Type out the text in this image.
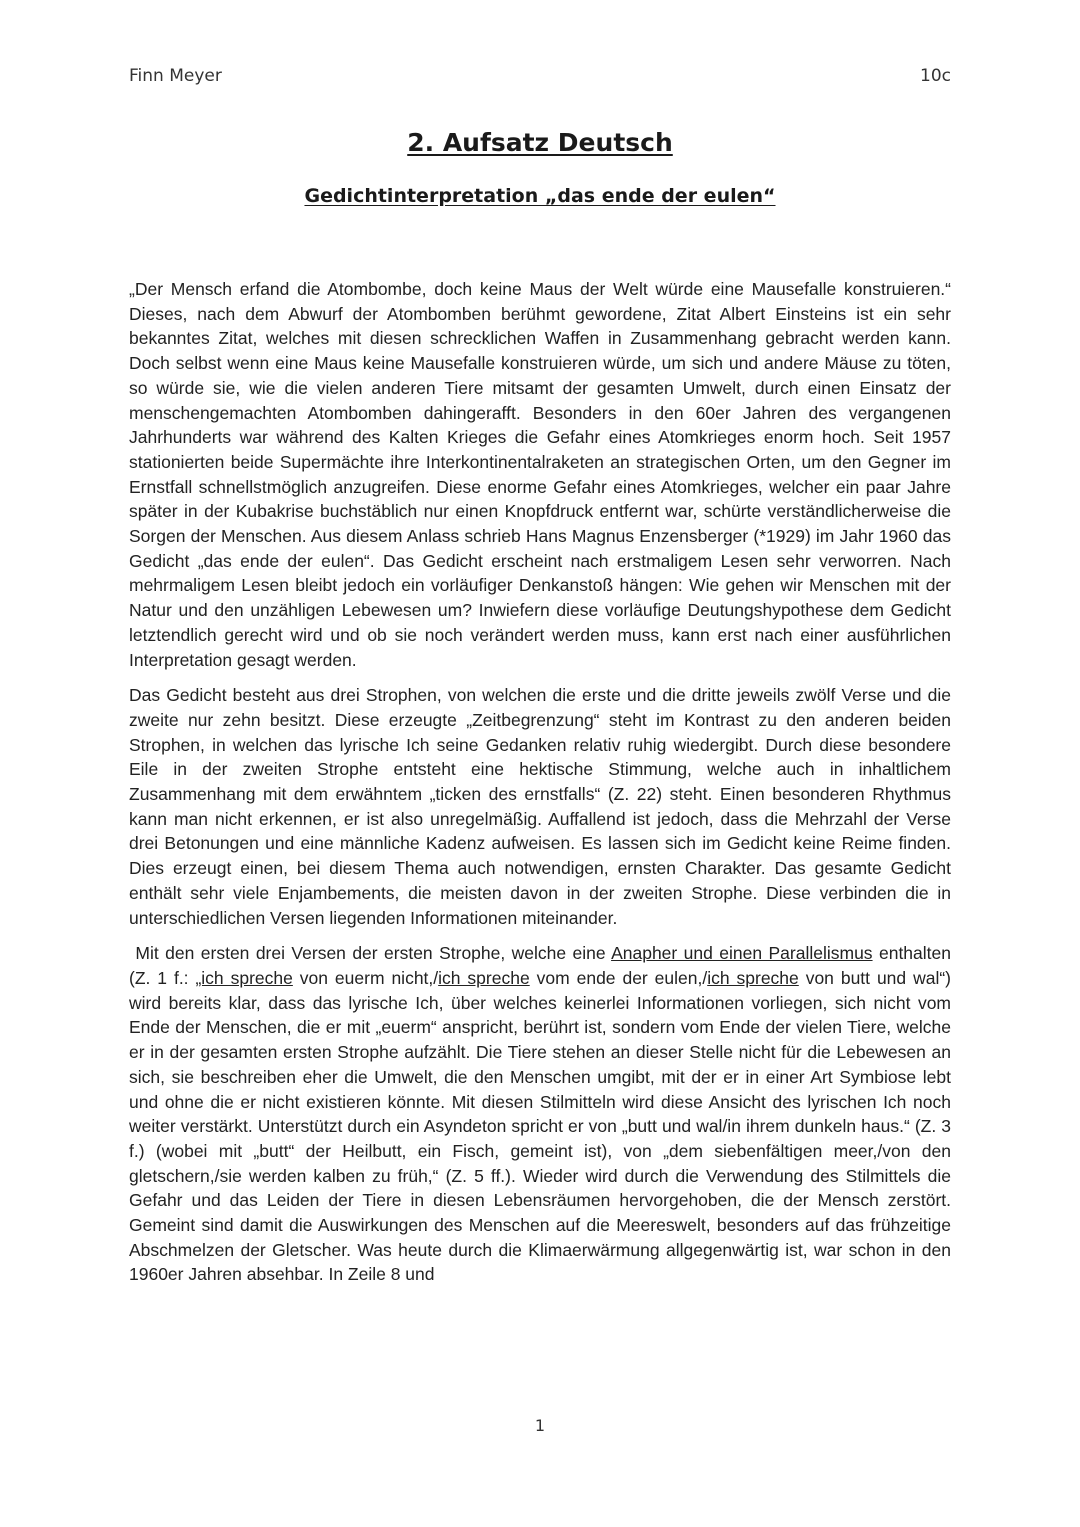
Finn Meyer	10c
2. Aufsatz Deutsch
Gedichtinterpretation „das ende der eulen“

„Der Mensch erfand die Atombombe, doch keine Maus der Welt würde eine Mausefalle konstruieren.“ Dieses, nach dem Abwurf der Atombomben berühmt gewordene, Zitat Albert Einsteins ist ein sehr bekanntes Zitat, welches mit diesen schrecklichen Waffen in Zusammenhang gebracht werden kann. Doch selbst wenn eine Maus keine Mausefalle konstruieren würde, um sich und andere Mäuse zu töten, so würde sie, wie die vielen anderen Tiere mitsamt der gesamten Umwelt, durch einen Einsatz der menschengemachten Atombomben dahingerafft. Besonders in den 60er Jahren des vergangenen Jahrhunderts war während des Kalten Krieges die Gefahr eines Atomkrieges enorm hoch. Seit 1957 stationierten beide Supermächte ihre Interkontinentalraketen an strategischen Orten, um den Gegner im Ernstfall schnellstmöglich anzugreifen. Diese enorme Gefahr eines Atomkrieges, welcher ein paar Jahre später in der Kubakrise buchstäblich nur einen Knopfdruck entfernt war, schürte verständlicherweise die Sorgen der Menschen. Aus diesem Anlass schrieb Hans Magnus Enzensberger (*1929) im Jahr 1960 das Gedicht „das ende der eulen“. Das Gedicht erscheint nach erstmaligem Lesen sehr verworren. Nach mehrmaligem Lesen bleibt jedoch ein vorläufiger Denkanstoß hängen: Wie gehen wir Menschen mit der Natur und den unzähligen Lebewesen um? Inwiefern diese vorläufige Deutungshypothese dem Gedicht letztendlich gerecht wird und ob sie noch verändert werden muss, kann erst nach einer ausführlichen Interpretation gesagt werden.

Das Gedicht besteht aus drei Strophen, von welchen die erste und die dritte jeweils zwölf Verse und die zweite nur zehn besitzt. Diese erzeugte „Zeitbegrenzung“ steht im Kontrast zu den anderen beiden Strophen, in welchen das lyrische Ich seine Gedanken relativ ruhig wiedergibt. Durch diese besondere Eile in der zweiten Strophe entsteht eine hektische Stimmung, welche auch in inhaltlichem Zusammenhang mit dem erwähntem „ticken des ernstfalls“ (Z. 22) steht. Einen besonderen Rhythmus kann man nicht erkennen, er ist also unregelmäßig. Auffallend ist jedoch, dass die Mehrzahl der Verse drei Betonungen und eine männliche Kadenz aufweisen. Es lassen sich im Gedicht keine Reime finden. Dies erzeugt einen, bei diesem Thema auch notwendigen, ernsten Charakter. Das gesamte Gedicht enthält sehr viele Enjambements, die meisten davon in der zweiten Strophe. Diese verbinden die in unterschiedlichen Versen liegenden Informationen miteinander.

Mit den ersten drei Versen der ersten Strophe, welche eine Anapher und einen Parallelismus enthalten (Z. 1 f.: „ich spreche von euerm nicht,/ich spreche vom ende der eulen,/ich spreche von butt und wal“) wird bereits klar, dass das lyrische Ich, über welches keinerlei Informationen vorliegen, sich nicht vom Ende der Menschen, die er mit „euerm“ anspricht, berührt ist, sondern vom Ende der vielen Tiere, welche er in der gesamten ersten Strophe aufzählt. Die Tiere stehen an dieser Stelle nicht für die Lebewesen an sich, sie beschreiben eher die Umwelt, die den Menschen umgibt, mit der er in einer Art Symbiose lebt und ohne die er nicht existieren könnte. Mit diesen Stilmitteln wird diese Ansicht des lyrischen Ich noch weiter verstärkt. Unterstützt durch ein Asyndeton spricht er von „butt und wal/in ihrem dunkeln haus.“ (Z. 3 f.) (wobei mit „butt“ der Heilbutt, ein Fisch, gemeint ist), von „dem siebenfältigen meer,/von den gletschern,/sie werden kalben zu früh,“ (Z. 5 ff.). Wieder wird durch die Verwendung des Stilmittels die Gefahr und das Leiden der Tiere in diesen Lebensräumen hervorgehoben, die der Mensch zerstört. Gemeint sind damit die Auswirkungen des Menschen auf die Meereswelt, besonders auf das frühzeitige Abschmelzen der Gletscher. Was heute durch die Klimaerwärmung allgegenwärtig ist, war schon in den 1960er Jahren absehbar. In Zeile 8 und

1
